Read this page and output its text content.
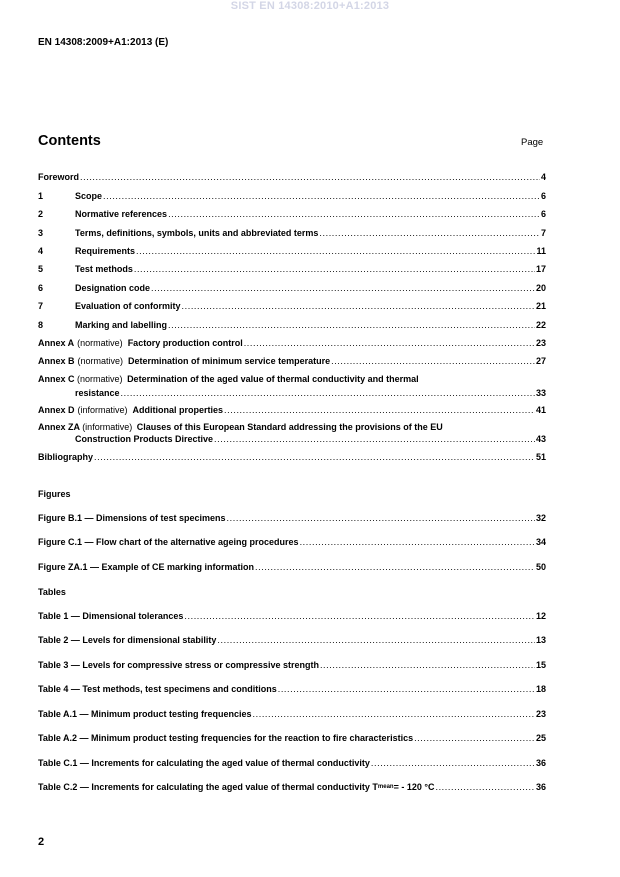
SIST EN 14308:2010+A1:2013
EN 14308:2009+A1:2013 (E)
Contents	Page
Foreword .....	4
1	Scope .....	6
2	Normative references .....	6
3	Terms, definitions, symbols, units and abbreviated terms .....	7
4	Requirements .....	11
5	Test methods .....	17
6	Designation code .....	20
7	Evaluation of conformity .....	21
8	Marking and labelling .....	22
Annex A (normative) Factory production control .....	23
Annex B (normative) Determination of minimum service temperature .....	27
Annex C (normative) Determination of the aged value of thermal conductivity and thermal
resistance .....	33
Annex D (informative) Additional properties .....	41
Annex ZA (informative) Clauses of this European Standard addressing the provisions of the EU
Construction Products Directive .....	43
Bibliography .....	51
Figure B.1 — Dimensions of test specimens .....	32
Figure C.1 — Flow chart of the alternative ageing procedures .....	34
Figure ZA.1 — Example of CE marking information .....	50
Table 1 — Dimensional tolerances .....	12
Table 2 — Levels for dimensional stability .....	13
Table 3 — Levels for compressive stress or compressive strength .....	15
Table 4 — Test methods, test specimens and conditions .....	18
Table A.1 — Minimum product testing frequencies .....	23
Table A.2 — Minimum product testing frequencies for the reaction to fire characteristics .....	25
Table C.1 — Increments for calculating the aged value of thermal conductivity .....	36
Table C.2 — Increments for calculating the aged value of thermal conductivity T mean = - 120 °C .....	36
Figures
Tables
2
